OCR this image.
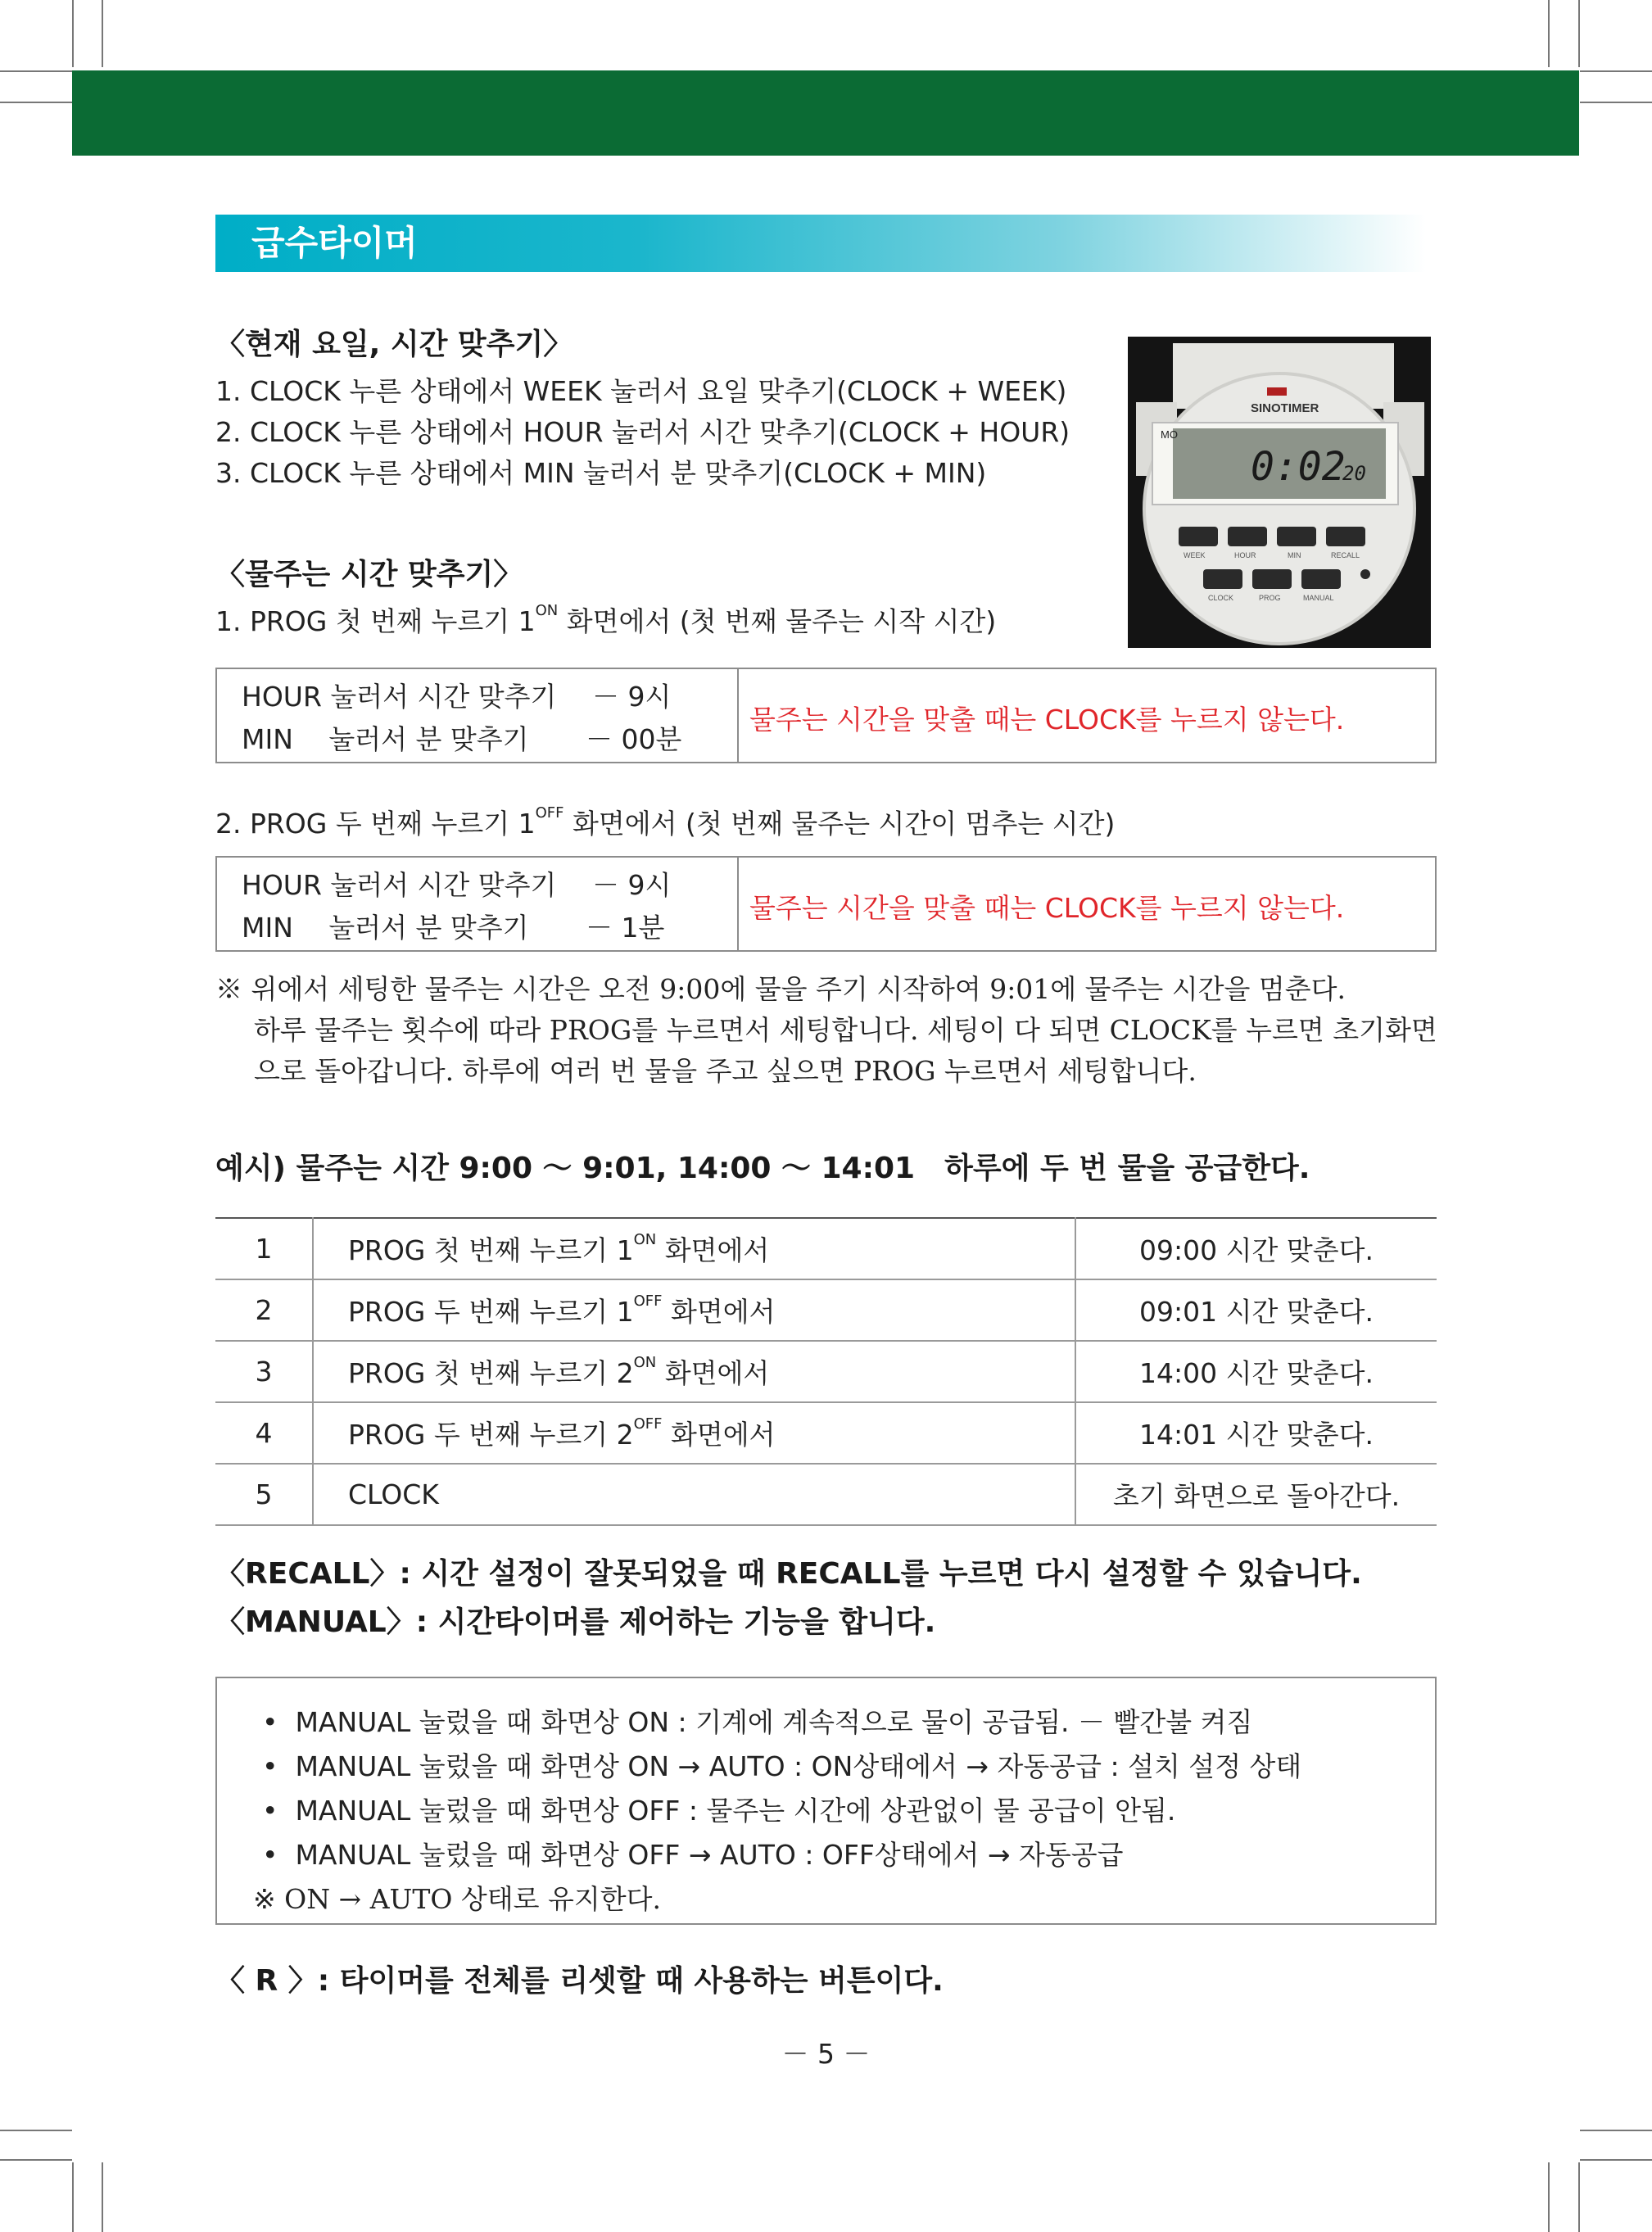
급수타이머
〈현재 요일, 시간 맞추기〉
1. CLOCK 누른 상태에서 WEEK 눌러서 요일 맞추기(CLOCK + WEEK)
2. CLOCK 누른 상태에서 HOUR 눌러서 시간 맞추기(CLOCK + HOUR)
3. CLOCK 누른 상태에서 MIN 눌러서 분 맞추기(CLOCK + MIN)
SINOTIMER
MO
0:02
20
WEEK	HOUR	MIN	RECALL
CLOCK	PROG	MANUAL
〈물주는 시간 맞추기〉
1. PROG 첫 번째 누르기 $1^{ON}$ 화면에서 (첫 번째 물주는 시작 시간)
HOUR 눌러서 시간 맞추기 － 9시
MIN　 눌러서 분 맞추기 － 00분
물주는 시간을 맞출 때는 CLOCK를 누르지 않는다.
2. PROG 두 번째 누르기 $1^{OFF}$ 화면에서 (첫 번째 물주는 시간이 멈추는 시간)
HOUR 눌러서 시간 맞추기 － 9시
MIN　 눌러서 분 맞추기 － 1분
물주는 시간을 맞출 때는 CLOCK를 누르지 않는다.
※ 위에서 세팅한 물주는 시간은 오전 9:00에 물을 주기 시작하여 9:01에 물주는 시간을 멈춘다.
하루 물주는 횟수에 따라 PROG를 누르면서 세팅합니다. 세팅이 다 되면 CLOCK를 누르면 초기화면
으로 돌아갑니다. 하루에 여러 번 물을 주고 싶으면 PROG 누르면서 세팅합니다.
예시) 물주는 시간 9:00 ～ 9:01, 14:00 ～ 14:01　하루에 두 번 물을 공급한다.
1	PROG 첫 번째 누르기 $1^{ON}$ 화면에서	09:00 시간 맞춘다.
2	PROG 두 번째 누르기 $1^{OFF}$ 화면에서	09:01 시간 맞춘다.
3	PROG 첫 번째 누르기 $2^{ON}$ 화면에서	14:00 시간 맞춘다.
4	PROG 두 번째 누르기 $2^{OFF}$ 화면에서	14:01 시간 맞춘다.
5	CLOCK	초기 화면으로 돌아간다.
〈RECALL〉: 시간 설정이 잘못되었을 때 RECALL를 누르면 다시 설정할 수 있습니다.
〈MANUAL〉: 시간타이머를 제어하는 기능을 합니다.
•  MANUAL 눌렀을 때 화면상 ON : 기계에 계속적으로 물이 공급됨. － 빨간불 켜짐
•  MANUAL 눌렀을 때 화면상 ON → AUTO : ON상태에서 → 자동공급 : 설치 설정 상태
•  MANUAL 눌렀을 때 화면상 OFF : 물주는 시간에 상관없이 물 공급이 안됨.
•  MANUAL 눌렀을 때 화면상 OFF → AUTO : OFF상태에서 → 자동공급
※ ON → AUTO 상태로 유지한다.
〈 R 〉: 타이머를 전체를 리셋할 때 사용하는 버튼이다.
－ 5 －
